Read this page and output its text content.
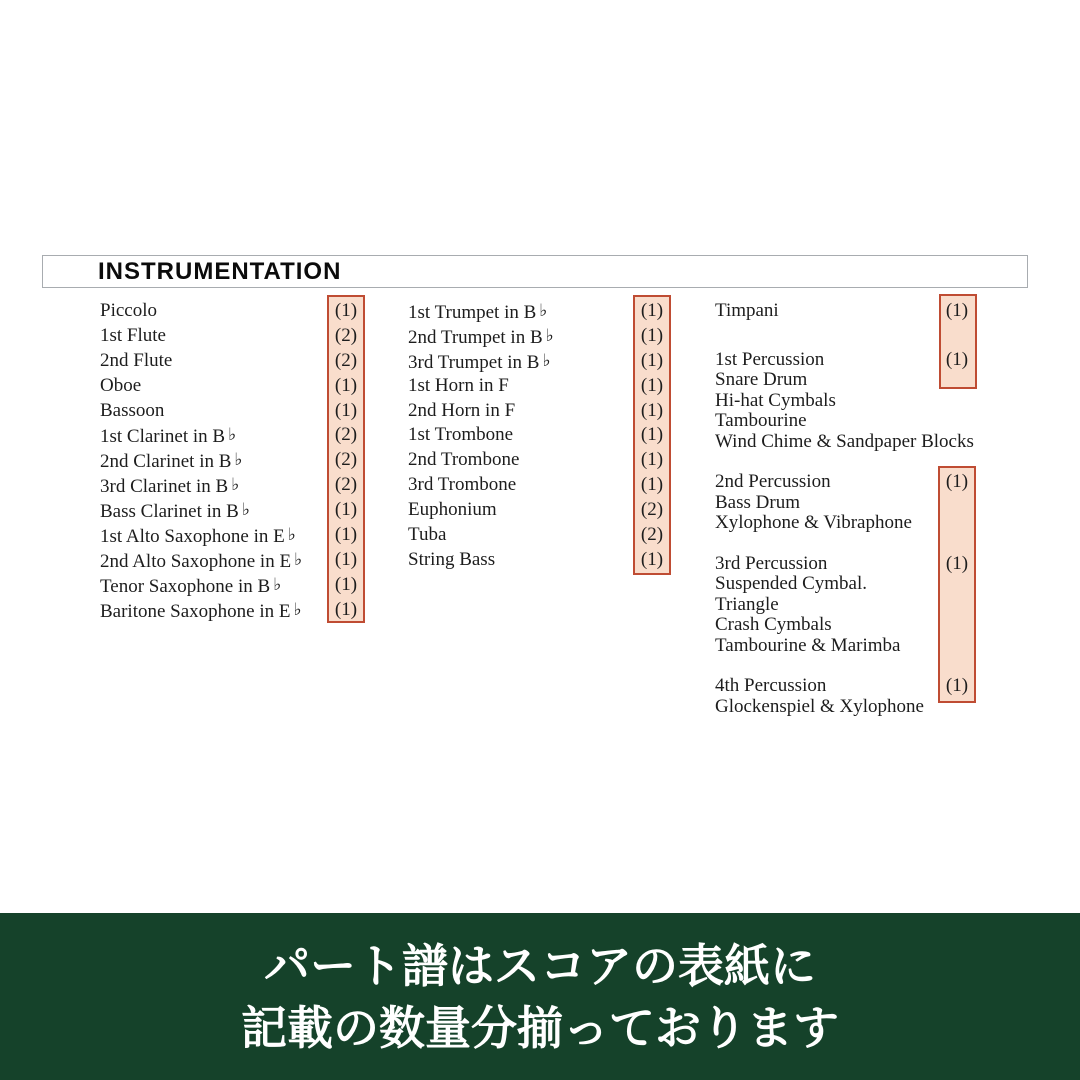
INSTRUMENTATION
Piccolo	(1)
1st Flute	(2)
2nd Flute	(2)
Oboe	(1)
Bassoon	(1)
1st Clarinet in B ♭	(2)
2nd Clarinet in B ♭	(2)
3rd Clarinet in B ♭	(2)
Bass Clarinet in B ♭	(1)
1st Alto Saxophone in E ♭	(1)
2nd Alto Saxophone in E ♭	(1)
Tenor Saxophone in B ♭	(1)
Baritone Saxophone in E ♭	(1)
1st Trumpet in B ♭	(1)
2nd Trumpet in B ♭	(1)
3rd Trumpet in B ♭	(1)
1st Horn in F	(1)
2nd Horn in F	(1)
1st Trombone	(1)
2nd Trombone	(1)
3rd Trombone	(1)
Euphonium	(2)
Tuba	(2)
String Bass	(1)
Timpani	(1)
1st Percussion	(1)
Snare Drum
Hi-hat Cymbals
Tambourine
Wind Chime & Sandpaper Blocks
2nd Percussion	(1)
Bass Drum
Xylophone & Vibraphone
3rd Percussion	(1)
Suspended Cymbal.
Triangle
Crash Cymbals
Tambourine & Marimba
4th Percussion	(1)
Glockenspiel & Xylophone
パート譜はスコアの表紙に
記載の数量分揃っております
